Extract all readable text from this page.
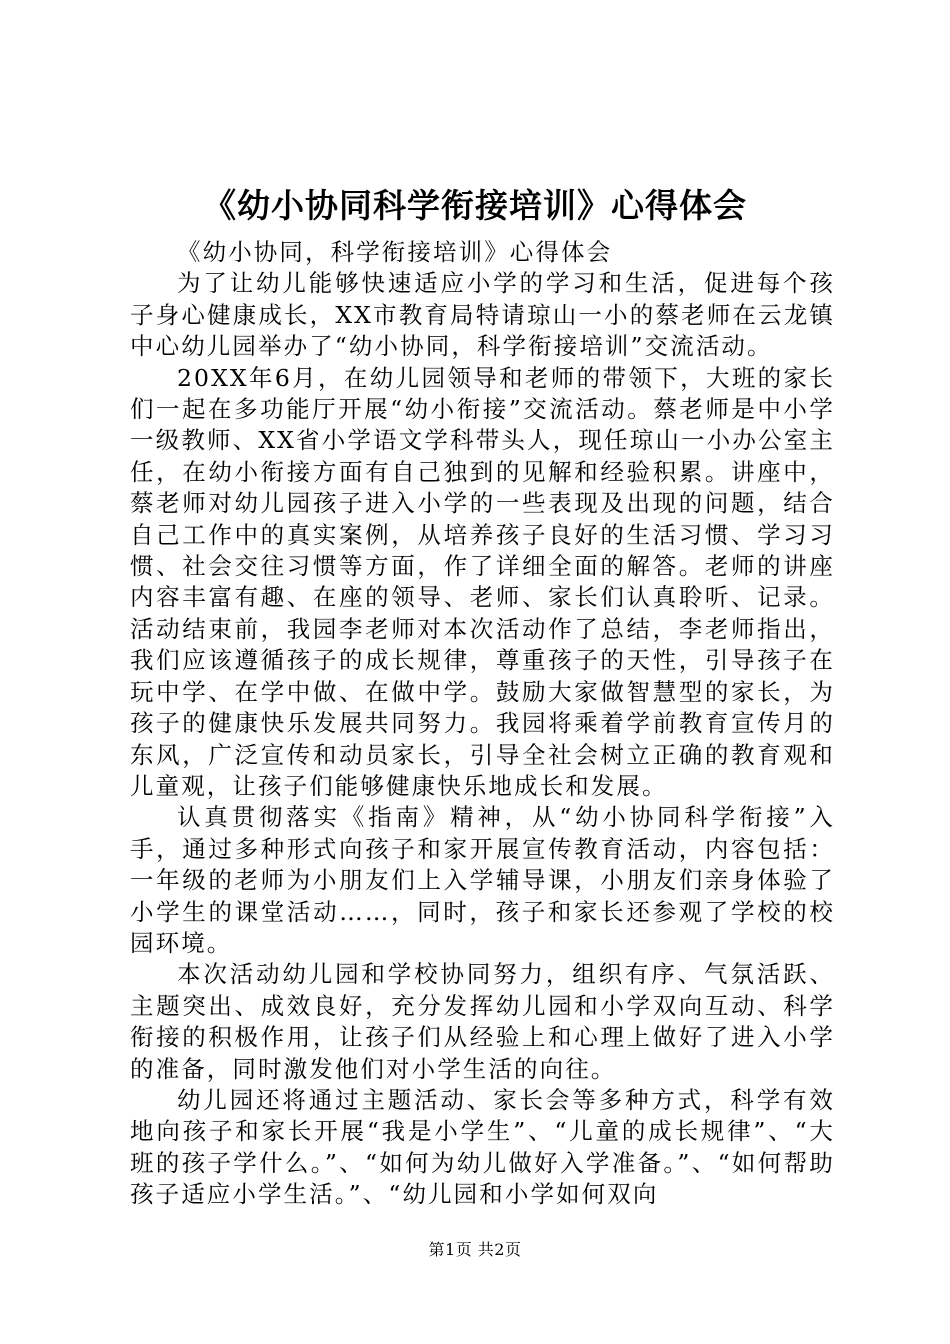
《幼小协同科学衔接培训》心得体会

《幼小协同，科学衔接培训》心得体会

为了让幼儿能够快速适应小学的学习和生活，促进每个孩子身心健康成长，XX市教育局特请琼山一小的蔡老师在云龙镇中心幼儿园举办了“幼小协同，科学衔接培训”交流活动。

20XX年6月，在幼儿园领导和老师的带领下，大班的家长们一起在多功能厅开展“幼小衔接”交流活动。蔡老师是中小学一级教师、XX省小学语文学科带头人，现任琼山一小办公室主任，在幼小衔接方面有自己独到的见解和经验积累。讲座中，蔡老师对幼儿园孩子进入小学的一些表现及出现的问题，结合自己工作中的真实案例，从培养孩子良好的生活习惯、学习习惯、社会交往习惯等方面，作了详细全面的解答。老师的讲座内容丰富有趣、在座的领导、老师、家长们认真聆听、记录。活动结束前，我园李老师对本次活动作了总结，李老师指出，我们应该遵循孩子的成长规律，尊重孩子的天性，引导孩子在玩中学、在学中做、在做中学。鼓励大家做智慧型的家长，为孩子的健康快乐发展共同努力。我园将乘着学前教育宣传月的东风，广泛宣传和动员家长，引导全社会树立正确的教育观和儿童观，让孩子们能够健康快乐地成长和发展。

认真贯彻落实《指南》精神，从“幼小协同科学衔接”入手，通过多种形式向孩子和家开展宣传教育活动，内容包括：一年级的老师为小朋友们上入学辅导课，小朋友们亲身体验了小学生的课堂活动……，同时，孩子和家长还参观了学校的校园环境。

本次活动幼儿园和学校协同努力，组织有序、气氛活跃、主题突出、成效良好，充分发挥幼儿园和小学双向互动、科学衔接的积极作用，让孩子们从经验上和心理上做好了进入小学的准备，同时激发他们对小学生活的向往。

幼儿园还将通过主题活动、家长会等多种方式，科学有效地向孩子和家长开展“我是小学生”、“儿童的成长规律”、“大班的孩子学什么。”、“如何为幼儿做好入学准备。”、“如何帮助孩子适应小学生活。”、“幼儿园和小学如何双向

第1页 共2页
